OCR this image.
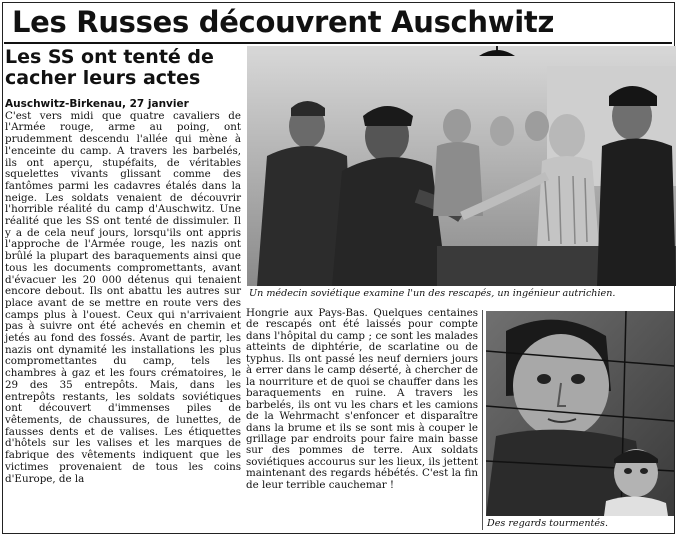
Les Russes découvrent Auschwitz
Les SS ont tenté de cacher leurs actes
Auschwitz-Birkenau, 27 janvier
C'est vers midi que quatre cavaliers de l'Armée rouge, arme au poing, ont prudemment descendu l'allée qui mène à l'enceinte du camp. A travers les barbelés, ils ont aperçu, stupéfaits, de véritables squelettes vivants glissant comme des fantômes parmi les cadavres étalés dans la neige. Les soldats venaient de découvrir l'horrible réalité du camp d'Auschwitz. Une réalité que les SS ont tenté de dissimuler. Il y a de cela neuf jours, lorsqu'ils ont appris l'approche de l'Armée rouge, les nazis ont brûlé la plupart des baraquements ainsi que tous les documents compromettants, avant d'évacuer les 20 000 détenus qui tenaient encore debout. Ils ont abattu les autres sur place avant de se mettre en route vers des camps plus à l'ouest. Ceux qui n'arrivaient pas à suivre ont été achevés en chemin et jetés au fond des fossés. Avant de partir, les nazis ont dynamité les installations les plus compromettantes du camp, tels les chambres à gaz et les fours crématoires, le 29 des 35 entrepôts. Mais, dans les entrepôts restants, les soldats soviétiques ont découvert d'immenses piles de vêtements, de chaussures, de lunettes, de fausses dents et de valises. Les étiquettes d'hôtels sur les valises et les marques de fabrique des vêtements indiquent que les victimes provenaient de tous les coins d'Europe, de la
Un médecin soviétique examine l'un des rescapés, un ingénieur autrichien.
Hongrie aux Pays-Bas. Quelques centaines de rescapés ont été laissés pour compte dans l'hôpital du camp ; ce sont les malades atteints de diphtérie, de scarlatine ou de typhus. Ils ont passé les neuf derniers jours à errer dans le camp déserté, à chercher de la nourriture et de quoi se chauffer dans les baraquements en ruine. A travers les barbelés, ils ont vu les chars et les camions de la Wehrmacht s'enfoncer et disparaître dans la brume et ils se sont mis à couper le grillage par endroits pour faire main basse sur des pommes de terre. Aux soldats soviétiques accourus sur les lieux, ils jettent maintenant des regards hébétés. C'est la fin de leur terrible cauchemar !
Des regards tourmentés.
